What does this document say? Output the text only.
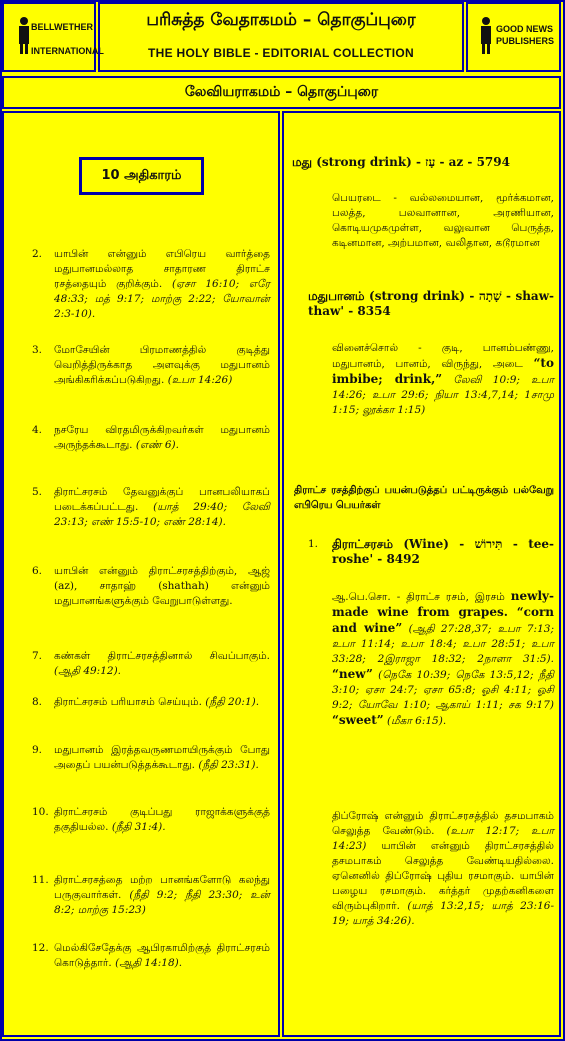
BELLWETHER
INTERNATIONAL
பரிசுத்த வேதாகமம் – தொகுப்புரை
THE HOLY BIBLE - EDITORIAL COLLECTION
GOOD NEWS
PUBLISHERS
லேவியராகமம் – தொகுப்புரை
10 அதிகாரம்
2. யாபின் என்னும் எபிரெய வார்த்தை மதுபானமல்லாத சாதாரண திராட்ச ரசத்தையும் குறிக்கும். (ஏசா 16:10; எரே 48:33; மத் 9:17; மாற்கு 2:22; யோவான் 2:3-10).
3. மோசேயின் பிரமாணத்தில் குடித்து வெறித்திருக்காத அளவுக்கு மதுபானம் அங்கிகரிக்கப்படுகிறது. (உபா 14:26)
4. நசரேய விரதமிருக்கிறவர்கள் மதுபானம் அருந்தக்கூடாது. (எண் 6).
5. திராட்சரசம் தேவனுக்குப் பானபலியாகப் படைக்கப்பட்டது. (யாத் 29:40; லேவி 23:13; எண் 15:5-10; எண் 28:14).
6. யாபின் என்னும் திராட்சரசத்திற்கும், ஆஜ் (az), சாதாஹ் (shathah) என்னும் மதுபானங்களுக்கும் வேறுபாடுள்ளது.
7. கண்கள் திராட்சரசத்தினால் சிவப்பாகும். (ஆதி 49:12).
8. திராட்சரசம் பரியாசம் செய்யும். (நீதி 20:1).
9. மதுபானம் இரத்தவருணமாயிருக்கும் போது அதைப் பயன்படுத்தக்கூடாது. (நீதி 23:31).
10. திராட்சரசம் குடிப்பது ராஜாக்களுக்குத் தகுதியல்ல. (நீதி 31:4).
11. திராட்சரசத்தை மற்ற பானங்களோடு கலந்து பருகுவார்கள். (நீதி 9:2; நீதி 23:30; உன் 8:2; மாற்கு 15:23)
12. மெல்கிசேதேக்கு ஆபிரகாமிற்குத் திராட்சரசம் கொடுத்தார். (ஆதி 14:18).
மது (strong drink) - עָז - az - 5794
பெயரடை - வல்லமையான, மூர்க்கமான, பலத்த, பலவானான, அரணியான, கொடியமுகமுள்ள, வலுவான பெருத்த, கடினமான, அற்பமான, வலிதான, கடூரமான
மதுபானம் (strong drink) - שָׁתָה - shaw-thaw' - 8354
வினைச்சொல் - குடி, பானம்பண்ணு, மதுபானம், பானம், விருந்து, அடை “to imbibe; drink,” லேவி 10:9; உபா 14:26; உபா 29:6; நியா 13:4,7,14; 1சாமு 1:15; லூக்கா 1:15)
திராட்ச ரசத்திற்குப் பயன்படுத்தப் பட்டிருக்கும் பல்வேறு எபிரெய பெயர்கள்
1.	திராட்சரசம் (Wine) - תִּירוֹשׁ - tee-roshe' - 8492
ஆ.பெ.சொ. - திராட்ச ரசம், இரசம் newly-made wine from grapes. “corn and wine” (ஆதி 27:28,37; உபா 7:13; உபா 11:14; உபா 18:4; உபா 28:51; உபா 33:28; 2இராஜா 18:32; 2நாளா 31:5). “new” (நெகே 10:39; நெகே 13:5,12; நீதி 3:10; ஏசா 24:7; ஏசா 65:8; ஓசி 4:11; ஓசி 9:2; யோவே 1:10; ஆகாய் 1:11; சக 9:17) “sweet” (மீகா 6:15).
திப்ரோஷ் என்னும் திராட்சரசத்தில் தசமபாகம் செலுத்த வேண்டும். (உபா 12:17; உபா 14:23) யாபின் என்னும் திராட்சரசத்தில் தசமபாகம் செலுத்த வேண்டியதில்லை. ஏனெனில் திப்ரோஷ் புதிய ரசமாகும். யாபின் பழைய ரசமாகும். கர்த்தர் முதற்கனிகளை விரும்புகிறார். (யாத் 13:2,15; யாத் 23:16-19; யாத் 34:26).
